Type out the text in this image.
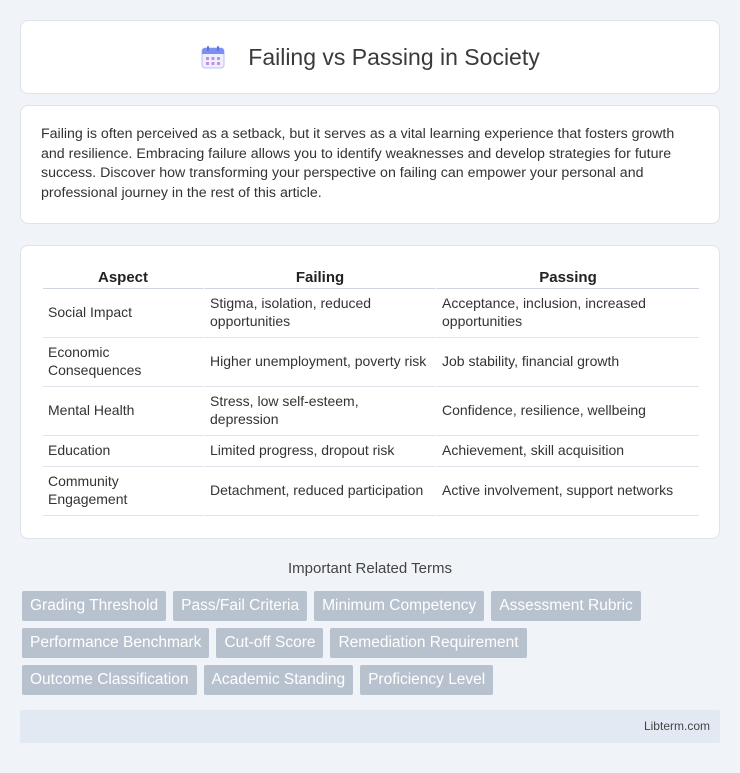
Failing vs Passing in Society

Failing is often perceived as a setback, but it serves as a vital learning experience that fosters growth and resilience. Embracing failure allows you to identify weaknesses and develop strategies for future success. Discover how transforming your perspective on failing can empower your personal and professional journey in the rest of this article.

Aspect	Failing	Passing
Social Impact	Stigma, isolation, reduced opportunities	Acceptance, inclusion, increased opportunities
Economic Consequences	Higher unemployment, poverty risk	Job stability, financial growth
Mental Health	Stress, low self-esteem, depression	Confidence, resilience, wellbeing
Education	Limited progress, dropout risk	Achievement, skill acquisition
Community Engagement	Detachment, reduced participation	Active involvement, support networks
Important Related Terms
Grading Threshold	Pass/Fail Criteria	Minimum Competency	Assessment Rubric
Performance Benchmark	Cut-off Score	Remediation Requirement
Outcome Classification	Academic Standing	Proficiency Level
Libterm.com
